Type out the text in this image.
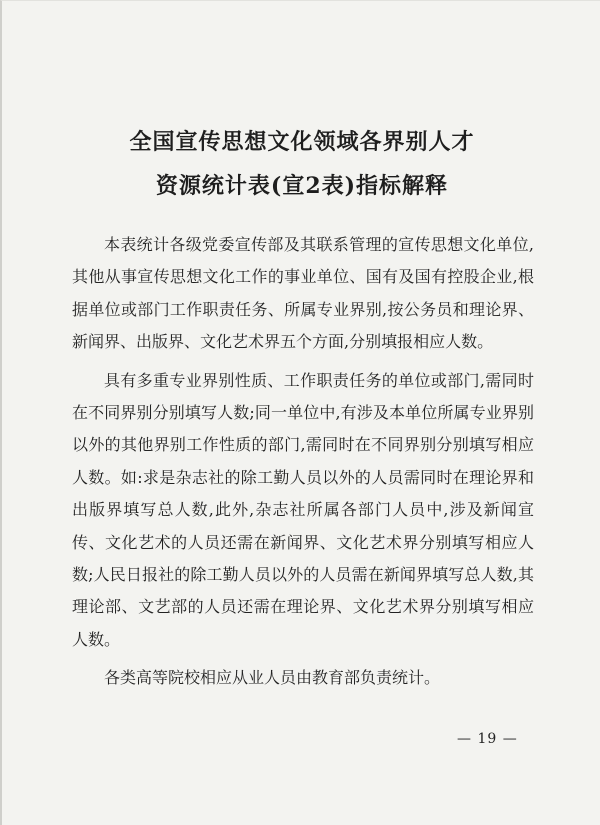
全国宣传思想文化领域各界别人才
资源统计表(宣2表)指标解释

本表统计各级党委宣传部及其联系管理的宣传思想文化单位,其他从事宣传思想文化工作的事业单位、国有及国有控股企业,根据单位或部门工作职责任务、所属专业界别,按公务员和理论界、新闻界、出版界、文化艺术界五个方面,分别填报相应人数。

具有多重专业界别性质、工作职责任务的单位或部门,需同时在不同界别分别填写人数;同一单位中,有涉及本单位所属专业界别以外的其他界别工作性质的部门,需同时在不同界别分别填写相应人数。如:求是杂志社的除工勤人员以外的人员需同时在理论界和出版界填写总人数,此外,杂志社所属各部门人员中,涉及新闻宣传、文化艺术的人员还需在新闻界、文化艺术界分别填写相应人数;人民日报社的除工勤人员以外的人员需在新闻界填写总人数,其理论部、文艺部的人员还需在理论界、文化艺术界分别填写相应人数。

各类高等院校相应从业人员由教育部负责统计。

— 19 —
